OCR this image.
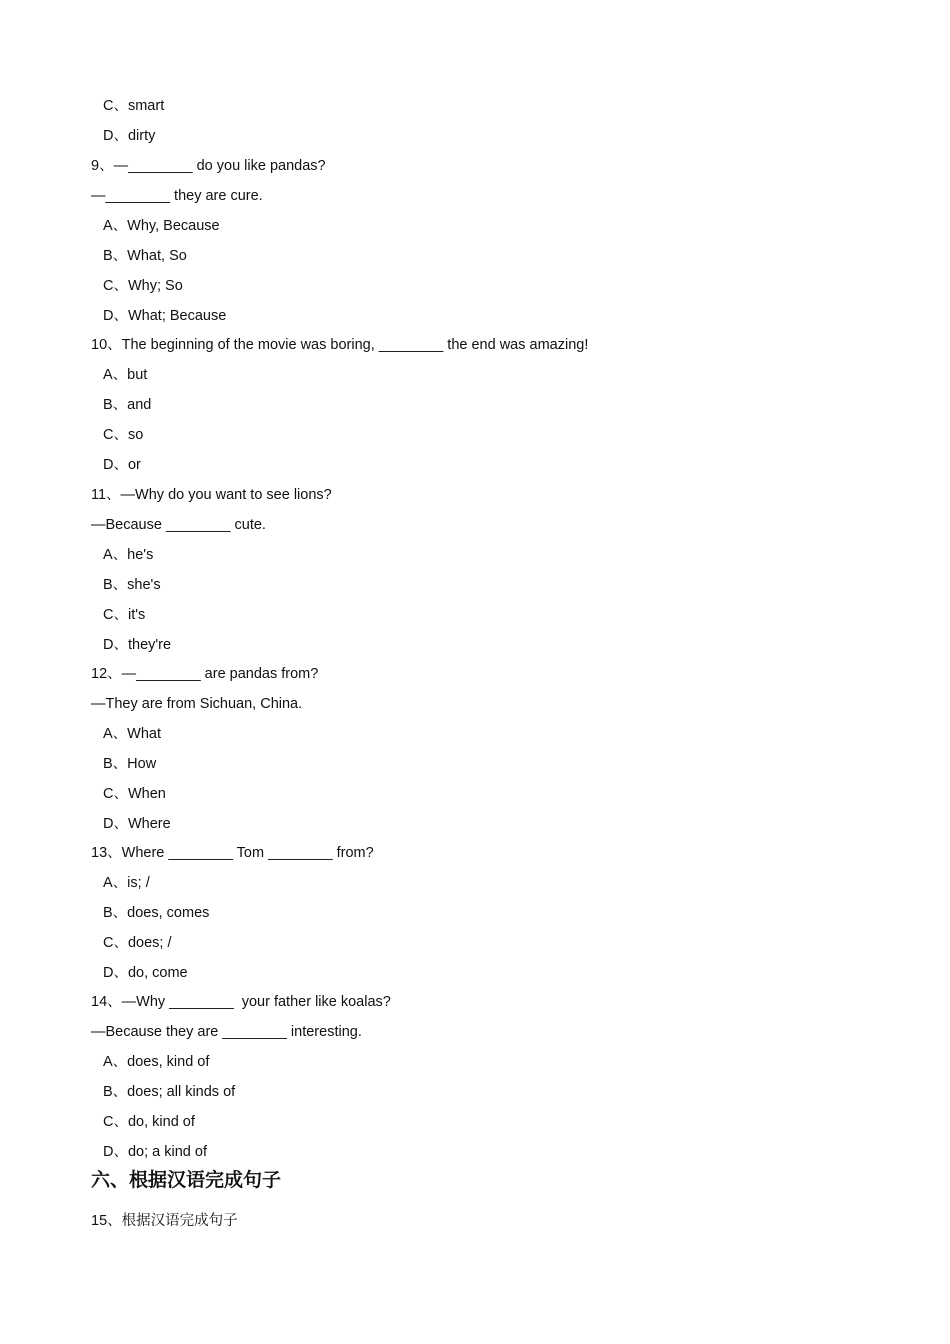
C、smart
D、dirty
9、—________ do you like pandas?
—________ they are cure.
A、Why, Because
B、What, So
C、Why; So
D、What; Because
10、The beginning of the movie was boring, ________ the end was amazing!
A、but
B、and
C、so
D、or
11、—Why do you want to see lions?
—Because ________ cute.
A、he's
B、she's
C、it's
D、they're
12、—________ are pandas from?
—They are from Sichuan, China.
A、What
B、How
C、When
D、Where
13、Where ________ Tom ________ from?
A、is; /
B、does, comes
C、does; /
D、do, come
14、—Why ________  your father like koalas?
—Because they are ________ interesting.
A、does, kind of
B、does; all kinds of
C、do, kind of
D、do; a kind of
六、根据汉语完成句子
15、根据汉语完成句子
